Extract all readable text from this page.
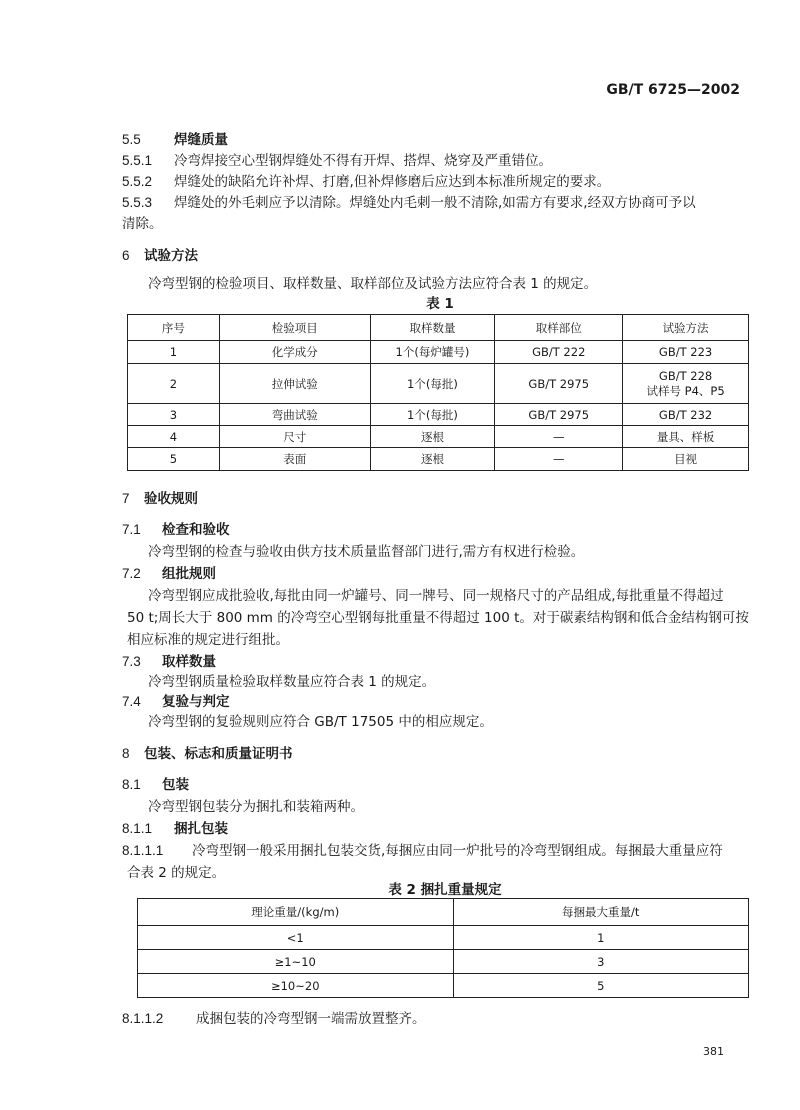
GB/T 6725—2002
5.5 焊缝质量
5.5.1 冷弯焊接空心型钢焊缝处不得有开焊、搭焊、烧穿及严重错位。
5.5.2 焊缝处的缺陷允许补焊、打磨,但补焊修磨后应达到本标准所规定的要求。
5.5.3 焊缝处的外毛刺应予以清除。焊缝处内毛刺一般不清除,如需方有要求,经双方协商可予以
清除。
6 试验方法
冷弯型钢的检验项目、取样数量、取样部位及试验方法应符合表 1 的规定。
表 1
序号	检验项目	取样数量	取样部位	试验方法
1	化学成分	1个(每炉罐号)	GB/T 222	GB/T 223
2	拉伸试验	1个(每批)	GB/T 2975	GB/T 228
试样号 P4、P5

3	弯曲试验	1个(每批)	GB/T 2975	GB/T 232
4	尺寸	逐根	—	量具、样板
5	表面	逐根	—	目视
7 验收规则
7.1 检查和验收
冷弯型钢的检查与验收由供方技术质量监督部门进行,需方有权进行检验。
7.2 组批规则
冷弯型钢应成批验收,每批由同一炉罐号、同一牌号、同一规格尺寸的产品组成,每批重量不得超过
50 t;周长大于 800 mm 的冷弯空心型钢每批重量不得超过 100 t。对于碳素结构钢和低合金结构钢可按
相应标准的规定进行组批。
7.3 取样数量
冷弯型钢质量检验取样数量应符合表 1 的规定。
7.4 复验与判定
冷弯型钢的复验规则应符合 GB/T 17505 中的相应规定。
8 包装、标志和质量证明书
8.1 包装
冷弯型钢包装分为捆扎和装箱两种。
8.1.1 捆扎包装
8.1.1.1 冷弯型钢一般采用捆扎包装交货,每捆应由同一炉批号的冷弯型钢组成。每捆最大重量应符
合表 2 的规定。
表 2 捆扎重量规定
理论重量/(kg/m)	每捆最大重量/t
<1	1
≥1~10	3
≥10~20	5
8.1.1.2 成捆包装的冷弯型钢一端需放置整齐。
381
